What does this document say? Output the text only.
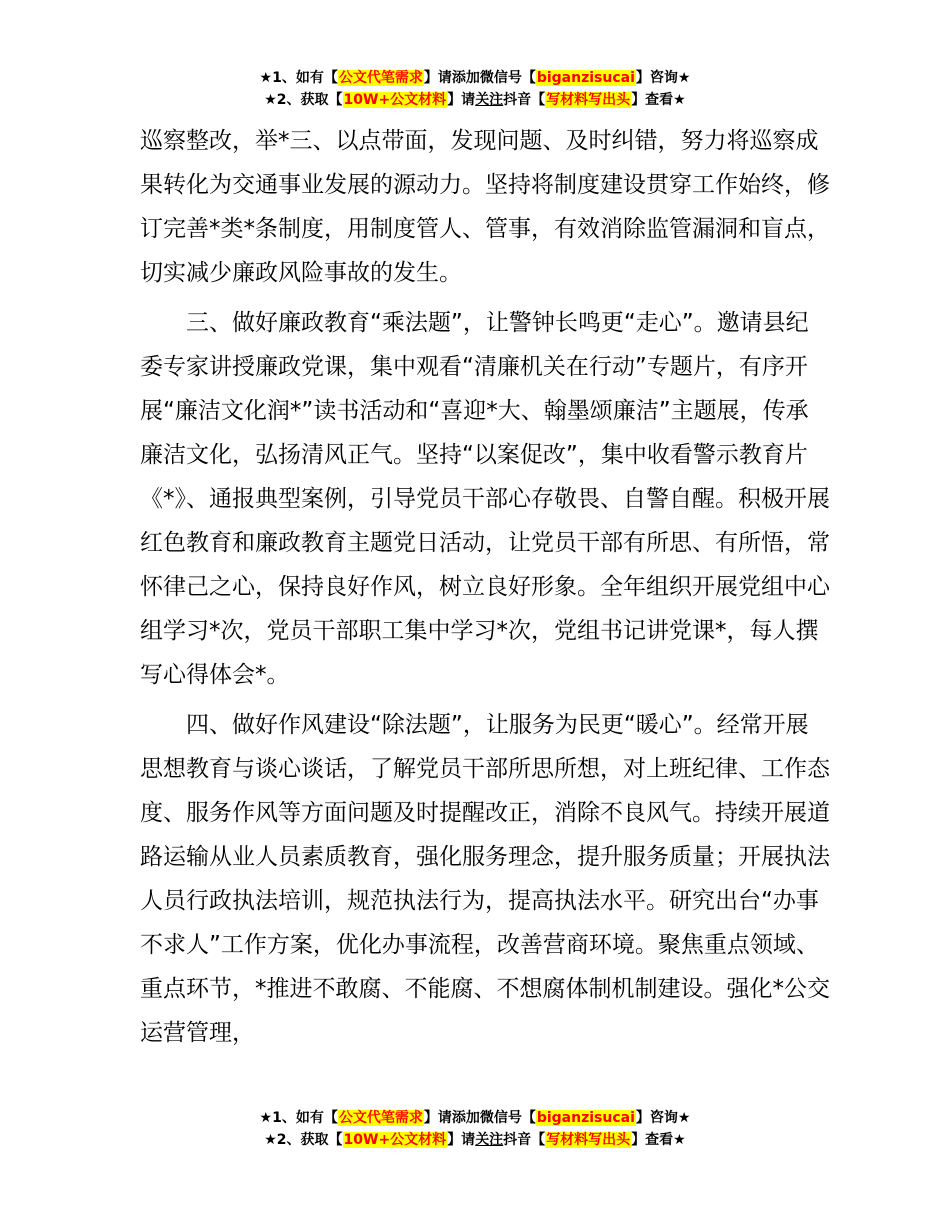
★1、如有【公文代笔需求】请添加微信号【biganzisucai】咨询★
★2、获取【10W+公文材料】请关注抖音【写材料写出头】查看★

巡察整改，举*三、以点带面，发现问题、及时纠错，努力将巡察成果转化为交通事业发展的源动力。坚持将制度建设贯穿工作始终，修订完善*类*条制度，用制度管人、管事，有效消除监管漏洞和盲点，切实减少廉政风险事故的发生。

三、做好廉政教育“乘法题”，让警钟长鸣更“走心”。邀请县纪委专家讲授廉政党课，集中观看“清廉机关在行动”专题片，有序开展“廉洁文化润*”读书活动和“喜迎*大、翰墨颂廉洁”主题展，传承廉洁文化，弘扬清风正气。坚持“以案促改”，集中收看警示教育片《*》、通报典型案例，引导党员干部心存敬畏、自警自醒。积极开展红色教育和廉政教育主题党日活动，让党员干部有所思、有所悟，常怀律己之心，保持良好作风，树立良好形象。全年组织开展党组中心组学习*次，党员干部职工集中学习*次，党组书记讲党课*，每人撰写心得体会*。

四、做好作风建设“除法题”，让服务为民更“暖心”。经常开展思想教育与谈心谈话，了解党员干部所思所想，对上班纪律、工作态度、服务作风等方面问题及时提醒改正，消除不良风气。持续开展道路运输从业人员素质教育，强化服务理念，提升服务质量；开展执法人员行政执法培训，规范执法行为，提高执法水平。研究出台“办事不求人”工作方案，优化办事流程，改善营商环境。聚焦重点领域、重点环节，*推进不敢腐、不能腐、不想腐体制机制建设。强化*公交运营管理，

★1、如有【公文代笔需求】请添加微信号【biganzisucai】咨询★
★2、获取【10W+公文材料】请关注抖音【写材料写出头】查看★
